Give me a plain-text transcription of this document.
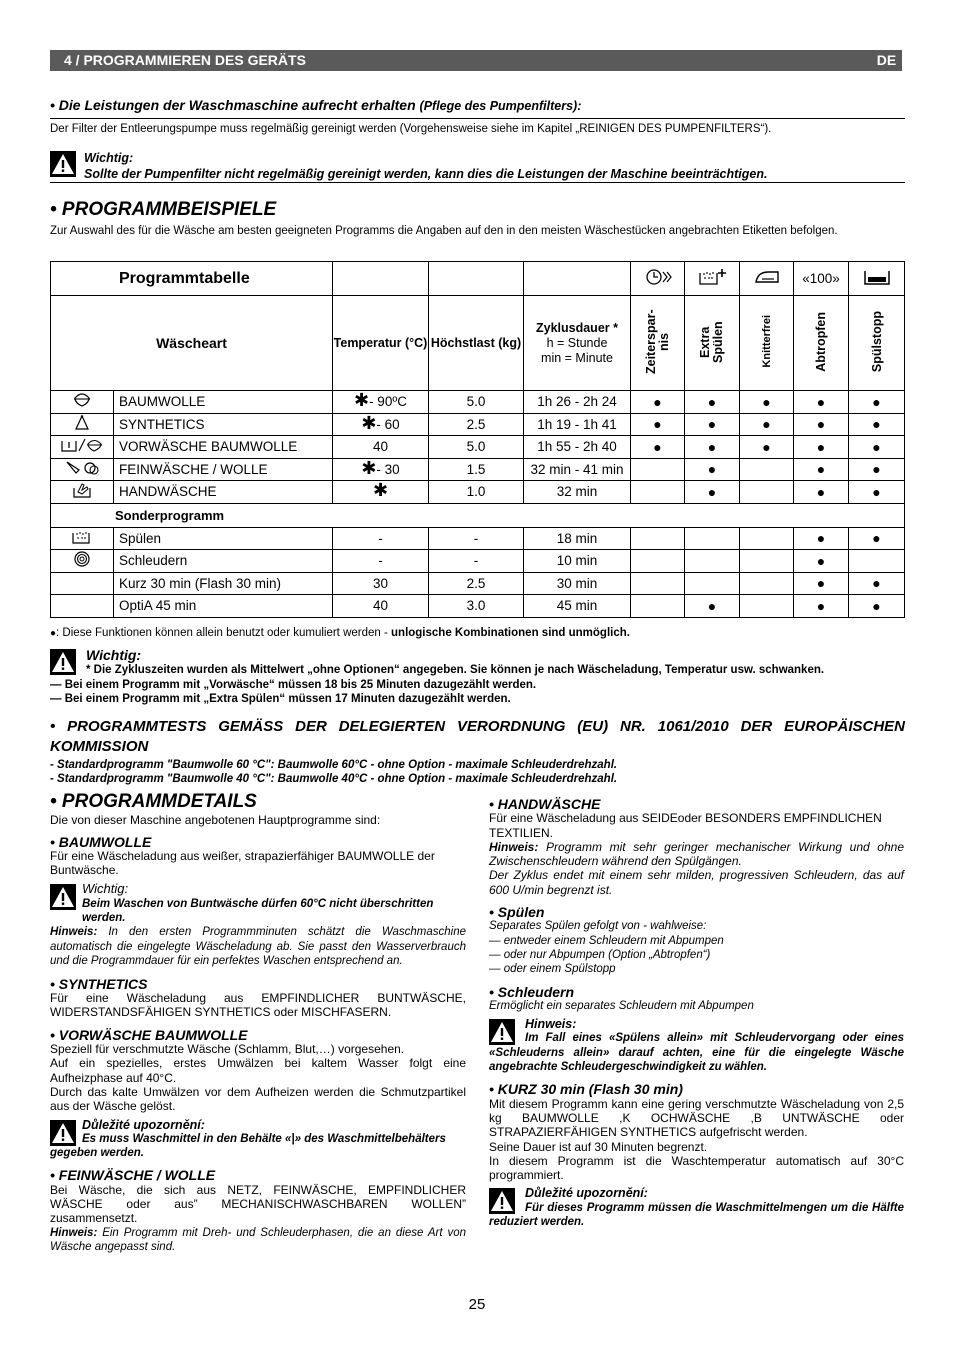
4 / PROGRAMMIEREN DES GERÄTS	DE
• Die Leistungen der Waschmaschine aufrecht erhalten (Pflege des Pumpenfilters):
Der Filter der Entleerungspumpe muss regelmäßig gereinigt werden (Vorgehensweise siehe im Kapitel „REINIGEN DES PUMPENFILTERS“).
Wichtig:
Sollte der Pumpenfilter nicht regelmäßig gereinigt werden, kann dies die Leistungen der Maschine beeinträchtigen.
• PROGRAMMBEISPIELE
Zur Auswahl des für die Wäsche am besten geeigneten Programms die Angaben auf den in den meisten Wäschestücken angebrachten Etiketten befolgen.
Programmtabelle								«100»	
Wäscheart		Temperatur (°C)	Höchstlast (kg)	Zyklusdauer *
h = Stunde
min = Minute	Zeiterspar-nis	Extra Spülen	Knitterfrei	Abtropfen	Spülstopp
	BAUMWOLLE	✱- 90ºC	5.0	1h 26 - 2h 24	●	●	●	●	●
	SYNTHETICS	✱- 60	2.5	1h 19 - 1h 41	●	●	●	●	●
	VORWÄSCHE BAUMWOLLE	40	5.0	1h 55 - 2h 40	●	●	●	●	●
	FEINWÄSCHE / WOLLE	✱- 30	1.5	32 min - 41 min		●		●	●
	HANDWÄSCHE	✱	1.0	32 min		●		●	●
Sonderprogramm									
	Spülen	-	-	18 min				●	●
	Schleudern	-	-	10 min				●	
	Kurz 30 min (Flash 30 min)	30	2.5	30 min				●	●
	OptiA 45 min	40	3.0	45 min		●		●	●
●: Diese Funktionen können allein benutzt oder kumuliert werden - unlogische Kombinationen sind unmöglich.
Wichtig:
* Die Zykluszeiten wurden als Mittelwert „ohne Optionen“ angegeben. Sie können je nach Wäscheladung, Temperatur usw. schwanken.
— Bei einem Programm mit „Vorwäsche“ müssen 18 bis 25 Minuten dazugezählt werden.
— Bei einem Programm mit „Extra Spülen“ müssen 17 Minuten dazugezählt werden.
• PROGRAMMTESTS GEMÄSS DER DELEGIERTEN VERORDNUNG (EU) NR. 1061/2010 DER EUROPÄISCHEN KOMMISSION
- Standardprogramm "Baumwolle 60 °C": Baumwolle 60°C - ohne Option - maximale Schleuderdrehzahl.
- Standardprogramm "Baumwolle 40 °C": Baumwolle 40°C - ohne Option - maximale Schleuderdrehzahl.
• PROGRAMMDETAILS
Die von dieser Maschine angebotenen Hauptprogramme sind:
• BAUMWOLLE
Für eine Wäscheladung aus weißer, strapazierfähiger BAUMWOLLE der Buntwäsche.
Wichtig:
Beim Waschen von Buntwäsche dürfen 60°C nicht überschritten werden.
Hinweis: In den ersten Programmminuten schätzt die Waschmaschine automatisch die eingelegte Wäscheladung ab. Sie passt den Wasserverbrauch und die Programmdauer für ein perfektes Waschen entsprechend an.
• SYNTHETICS
Für eine Wäscheladung aus EMPFINDLICHER BUNTWÄSCHE, WIDERSTANDSFÄHIGEN SYNTHETICS oder MISCHFASERN.
• VORWÄSCHE BAUMWOLLE
Speziell für verschmutzte Wäsche (Schlamm, Blut,…) vorgesehen.
Auf ein spezielles, erstes Umwälzen bei kaltem Wasser folgt eine Aufheizphase auf 40°C.
Durch das kalte Umwälzen vor dem Aufheizen werden die Schmutzpartikel aus der Wäsche gelöst.
Důležité upozornění:
Es muss Waschmittel in den Behälte «|» des Waschmittelbehälters gegeben werden.
• FEINWÄSCHE / WOLLE
Bei Wäsche, die sich aus NETZ, FEINWÄSCHE, EMPFINDLICHER WÄSCHE oder aus” MECHANISCHWASCHBAREN WOLLEN” zusammensetzt.
Hinweis: Ein Programm mit Dreh- und Schleuderphasen, die an diese Art von Wäsche angepasst sind.
• HANDWÄSCHE
Für eine Wäscheladung aus SEIDEoder BESONDERS EMPFINDLICHEN TEXTILIEN.
Hinweis: Programm mit sehr geringer mechanischer Wirkung und ohne Zwischenschleudern während den Spülgängen.
Der Zyklus endet mit einem sehr milden, progressiven Schleudern, das auf 600 U/min begrenzt ist.
• Spülen
Separates Spülen gefolgt von - wahlweise:
— entweder einem Schleudern mit Abpumpen
— oder nur Abpumpen (Option „Abtropfen“)
— oder einem Spülstopp
• Schleudern
Ermöglicht ein separates Schleudern mit Abpumpen
Hinweis:
Im Fall eines «Spülens allein» mit Schleudervorgang oder eines «Schleuderns allein» darauf achten, eine für die eingelegte Wäsche angebrachte Schleudergeschwindigkeit zu wählen.
• KURZ 30 min (Flash 30 min)
Mit diesem Programm kann eine gering verschmutzte Wäscheladung von 2,5 kg BAUMWOLLE ,K OCHWÄSCHE ,B UNTWÄSCHE oder STRAPAZIERFÄHIGEN SYNTHETICS aufgefrischt werden.
Seine Dauer ist auf 30 Minuten begrenzt.
In diesem Programm ist die Waschtemperatur automatisch auf 30°C programmiert.
Důležité upozornění:
Für dieses Programm müssen die Waschmittelmengen um die Hälfte reduziert werden.
25
